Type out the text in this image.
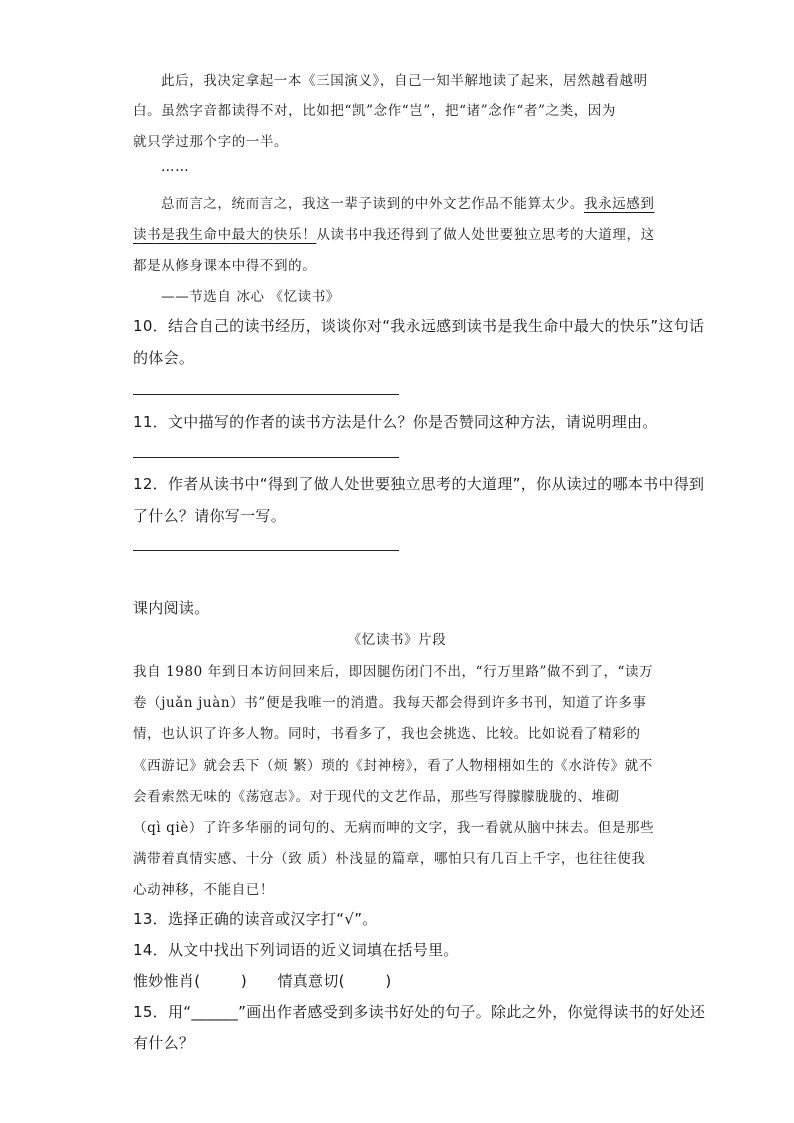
此后，我决定拿起一本《三国演义》，自己一知半解地读了起来，居然越看越明
白。虽然字音都读得不对，比如把“凯”念作“岂”，把“诸”念作“者”之类，因为
就只学过那个字的一半。
……
总而言之，统而言之，我这一辈子读到的中外文艺作品不能算太少。我永远感到
读书是我生命中最大的快乐！从读书中我还得到了做人处世要独立思考的大道理，这
都是从修身课本中得不到的。
——节选自 冰心 《忆读书》
10．结合自己的读书经历，谈谈你对“我永远感到读书是我生命中最大的快乐”这句话
的体会。
11．文中描写的作者的读书方法是什么？你是否赞同这种方法，请说明理由。
12．作者从读书中“得到了做人处世要独立思考的大道理”，你从读过的哪本书中得到
了什么？请你写一写。
课内阅读。
《忆读书》片段
我自 1980 年到日本访问回来后，即因腿伤闭门不出，“行万里路”做不到了，“读万
卷（juǎn juàn）书”便是我唯一的消遣。我每天都会得到许多书刊，知道了许多事
情，也认识了许多人物。同时，书看多了，我也会挑选、比较。比如说看了精彩的
《西游记》就会丢下（烦 繁）琐的《封神榜》，看了人物栩栩如生的《水浒传》就不
会看索然无味的《荡寇志》。对于现代的文艺作品，那些写得朦朦胧胧的、堆砌
（qì qiè）了许多华丽的词句的、无病而呻的文字，我一看就从脑中抹去。但是那些
满带着真情实感、十分（致 质）朴浅显的篇章，哪怕只有几百上千字，也往往使我
心动神移，不能自已！
13．选择正确的读音或汉字打“√”。
14．从文中找出下列词语的近义词填在括号里。
惟妙惟肖(        )      情真意切(        )
15．用“______”画出作者感受到多读书好处的句子。除此之外，你觉得读书的好处还
有什么？
